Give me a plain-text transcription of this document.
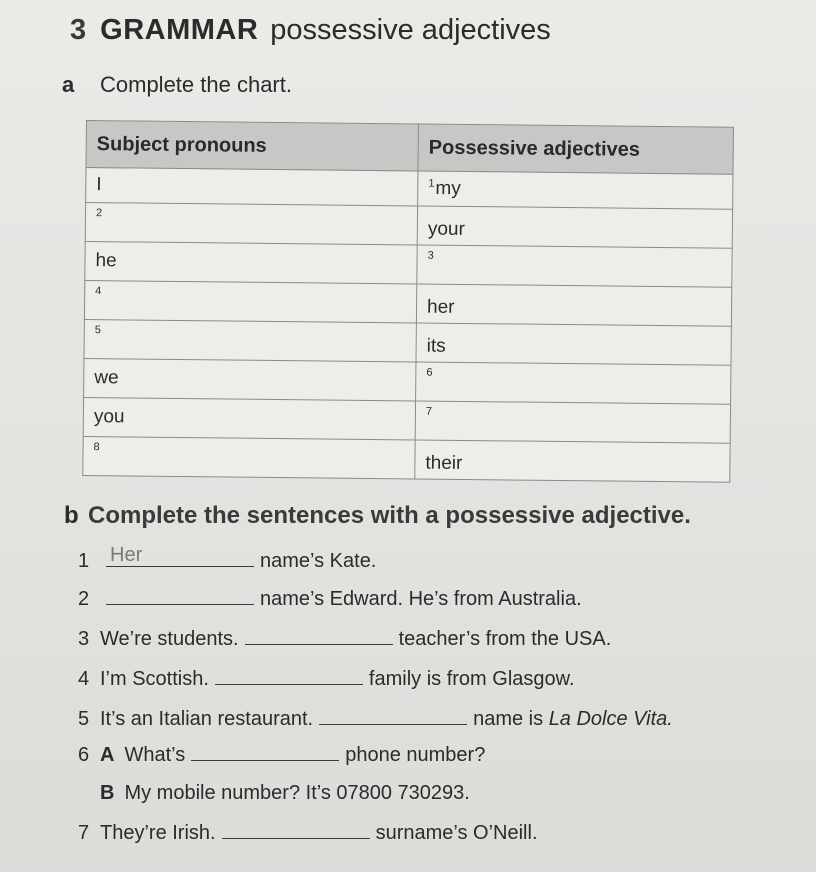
3 GRAMMAR possessive adjectives
a Complete the chart.
Subject pronouns	Possessive adjectives
I	$^1$my
2	your
he	3
4	her
5	its
we	6
you	7
8	their
b Complete the sentences with a possessive adjective.
1 Her	name’s Kate.
2	name’s Edward. He’s from Australia.
3 We’re students.	teacher’s from the USA.
4 I’m Scottish.	family is from Glasgow.
5 It’s an Italian restaurant.	name is La Dolce Vita.
6 A What’s	phone number?
B My mobile number? It’s 07800 730293.
7 They’re Irish.	surname’s O’Neill.
